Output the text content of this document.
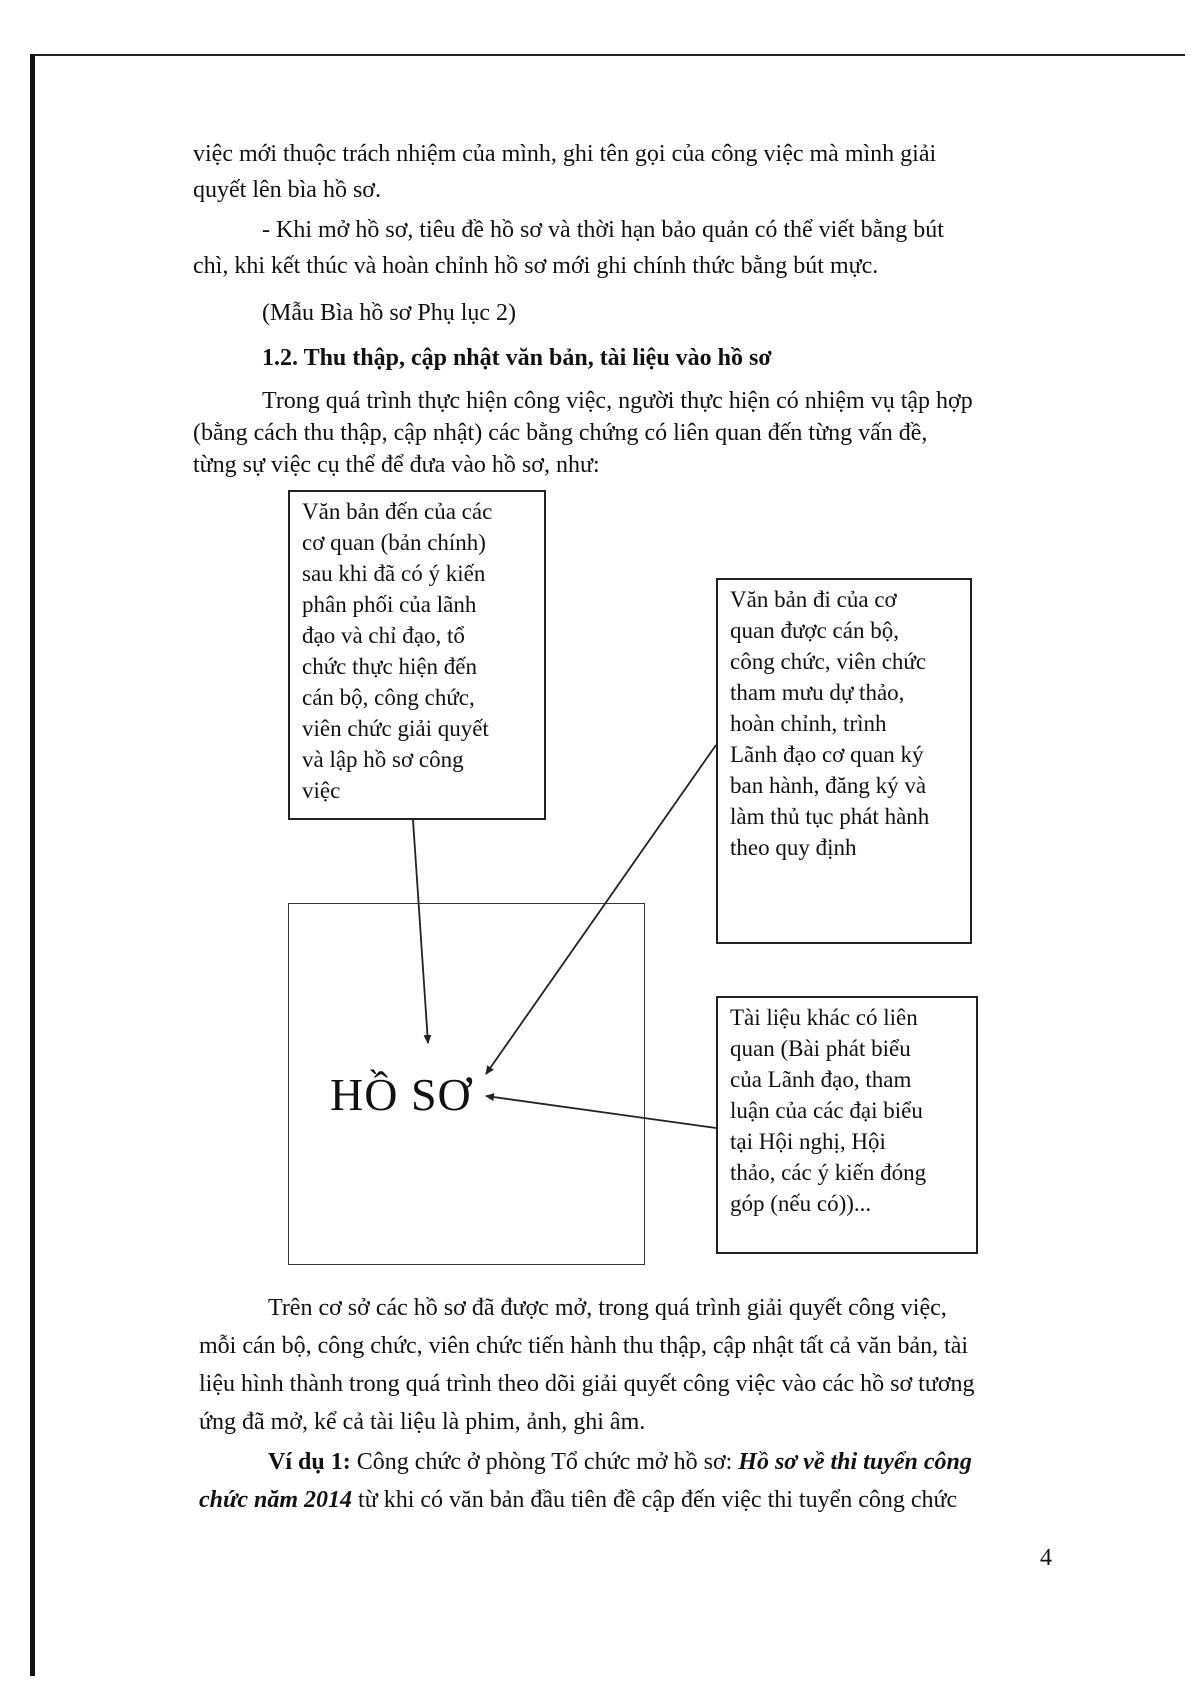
việc mới thuộc trách nhiệm của mình, ghi tên gọi của công việc mà mình giải

quyết lên bìa hồ sơ.

- Khi mở hồ sơ, tiêu đề hồ sơ và thời hạn bảo quản có thể viết bằng bút

chì, khi kết thúc và hoàn chỉnh hồ sơ mới ghi chính thức bằng bút mực.

(Mẫu Bìa hồ sơ Phụ lục 2)

1.2. Thu thập, cập nhật văn bản, tài liệu vào hồ sơ

Trong quá trình thực hiện công việc, người thực hiện có nhiệm vụ tập hợp

(bằng cách thu thập, cập nhật) các bằng chứng có liên quan đến từng vấn đề,

từng sự việc cụ thể để đưa vào hồ sơ, như:

HỒ SƠ
Văn bản đến của các
cơ quan (bản chính)
sau khi đã có ý kiến
phân phối của lãnh
đạo và chỉ đạo, tổ
chức thực hiện đến
cán bộ, công chức,
viên chức giải quyết
và lập hồ sơ công
việc
Văn bản đi của cơ
quan được cán bộ,
công chức, viên chức
tham mưu dự thảo,
hoàn chỉnh, trình
Lãnh đạo cơ quan ký
ban hành, đăng ký và
làm thủ tục phát hành
theo quy định
Tài liệu khác có liên
quan (Bài phát biểu
của Lãnh đạo, tham
luận của các đại biểu
tại Hội nghị, Hội
thảo, các ý kiến đóng
góp (nếu có))...

Trên cơ sở các hồ sơ đã được mở, trong quá trình giải quyết công việc,

mỗi cán bộ, công chức, viên chức tiến hành thu thập, cập nhật tất cả văn bản, tài

liệu hình thành trong quá trình theo dõi giải quyết công việc vào các hồ sơ tương

ứng đã mở, kể cả tài liệu là phim, ảnh, ghi âm.

Ví dụ 1: Công chức ở phòng Tổ chức mở hồ sơ: Hồ sơ về thi tuyển công

chức năm 2014 từ khi có văn bản đầu tiên đề cập đến việc thi tuyển công chức

4
